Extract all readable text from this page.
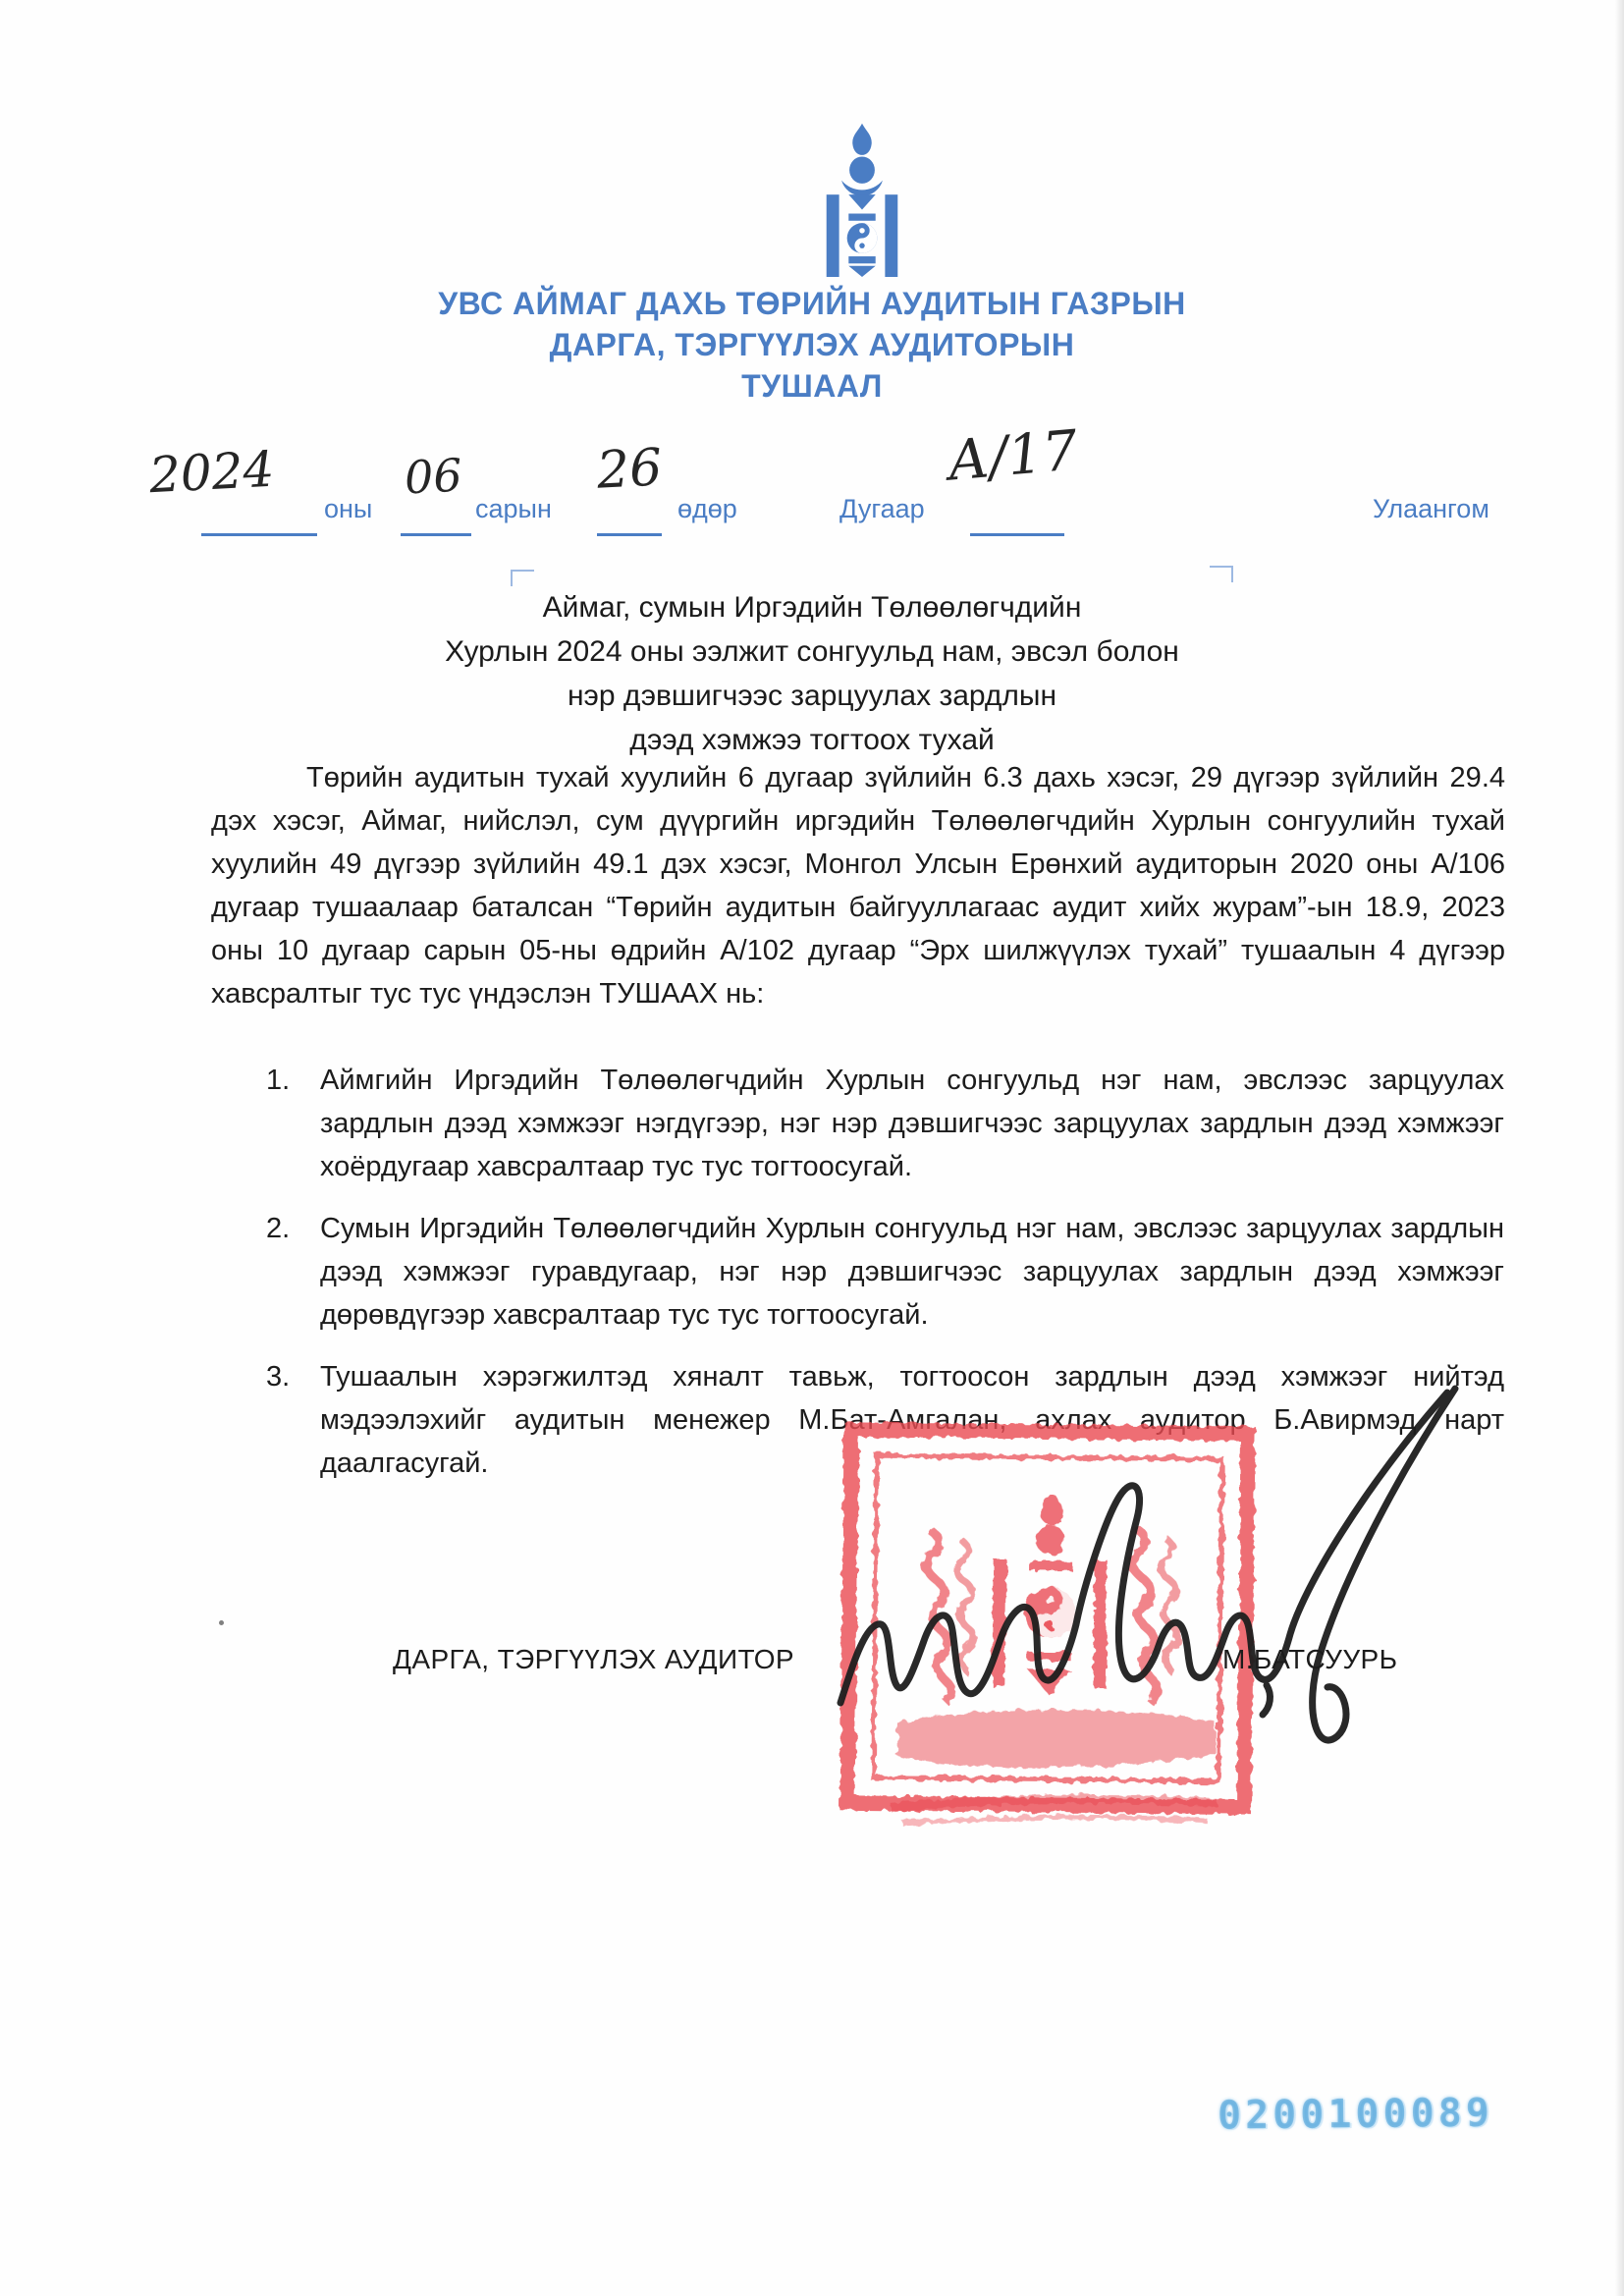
УВС АЙМАГ ДАХЬ ТӨРИЙН АУДИТЫН ГАЗРЫН
ДАРГА, ТЭРГҮҮЛЭХ АУДИТОРЫН
ТУШААЛ
2024
оны
06
сарын
26
өдөр	Дугаар
А/17
Улаангом
Аймаг, сумын Иргэдийн Төлөөлөгчдийн
Хурлын 2024 оны ээлжит сонгуульд нам, эвсэл болон
нэр дэвшигчээс зарцуулах зардлын
дээд хэмжээ тогтоох тухай
Төрийн аудитын тухай хуулийн 6 дугаар зүйлийн 6.3 дахь хэсэг, 29 дүгээр зүйлийн 29.4 дэх хэсэг, Аймаг, нийслэл, сум дүүргийн иргэдийн Төлөөлөгчдийн Хурлын сонгуулийн тухай хуулийн 49 дүгээр зүйлийн 49.1 дэх хэсэг, Монгол Улсын Ерөнхий аудиторын 2020 оны А/106 дугаар тушаалаар баталсан “Төрийн аудитын байгууллагаас аудит хийх журам”-ын 18.9, 2023 оны 10 дугаар сарын 05-ны өдрийн А/102 дугаар “Эрх шилжүүлэх тухай” тушаалын 4 дүгээр хавсралтыг тус тус үндэслэн ТУШААХ нь:
1.	Аймгийн Иргэдийн Төлөөлөгчдийн Хурлын сонгуульд нэг нам, эвслээс зарцуулах зардлын дээд хэмжээг нэгдүгээр, нэг нэр дэвшигчээс зарцуулах зардлын дээд хэмжээг хоёрдугаар хавсралтаар тус тус тогтоосугай.
2.	Сумын Иргэдийн Төлөөлөгчдийн Хурлын сонгуульд нэг нам, эвслээс зарцуулах зардлын дээд хэмжээг гуравдугаар, нэг нэр дэвшигчээс зарцуулах зардлын дээд хэмжээг дөрөвдүгээр хавсралтаар тус тус тогтоосугай.
3.	Тушаалын хэрэгжилтэд хяналт тавьж, тогтоосон зардлын дээд хэмжээг нийтэд мэдээлэхийг аудитын менежер М.Бат-Амгалан, ахлах аудитор Б.Авирмэд нарт даалгасугай.
ДАРГА, ТЭРГҮҮЛЭХ АУДИТОР	М.БАТСУУРЬ
0200100089
